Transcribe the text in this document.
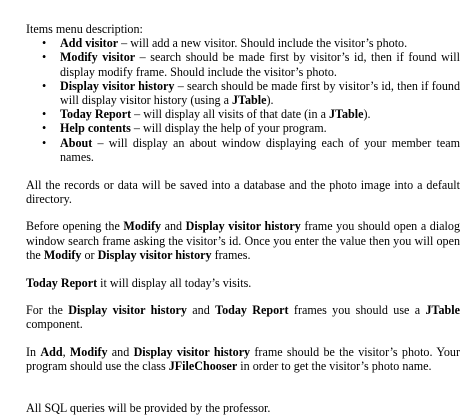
Items menu description:

• Add visitor – will add a new visitor. Should include the visitor’s photo.
• Modify visitor – search should be made first by visitor’s id, then if found will display modify frame. Should include the visitor’s photo.
• Display visitor history – search should be made first by visitor’s id, then if found will display visitor history (using a JTable).
• Today Report – will display all visits of that date (in a JTable).
• Help contents – will display the help of your program.
• About – will display an about window displaying each of your member team names.

All the records or data will be saved into a database and the photo image into a default directory.

Before opening the Modify and Display visitor history frame you should open a dialog window search frame asking the visitor’s id. Once you enter the value then you will open the Modify or Display visitor history frames.

Today Report it will display all today’s visits.

For the Display visitor history and Today Report frames you should use a JTable component.

In Add, Modify and Display visitor history frame should be the visitor’s photo. Your program should use the class JFileChooser in order to get the visitor’s photo name.

All SQL queries will be provided by the professor.
